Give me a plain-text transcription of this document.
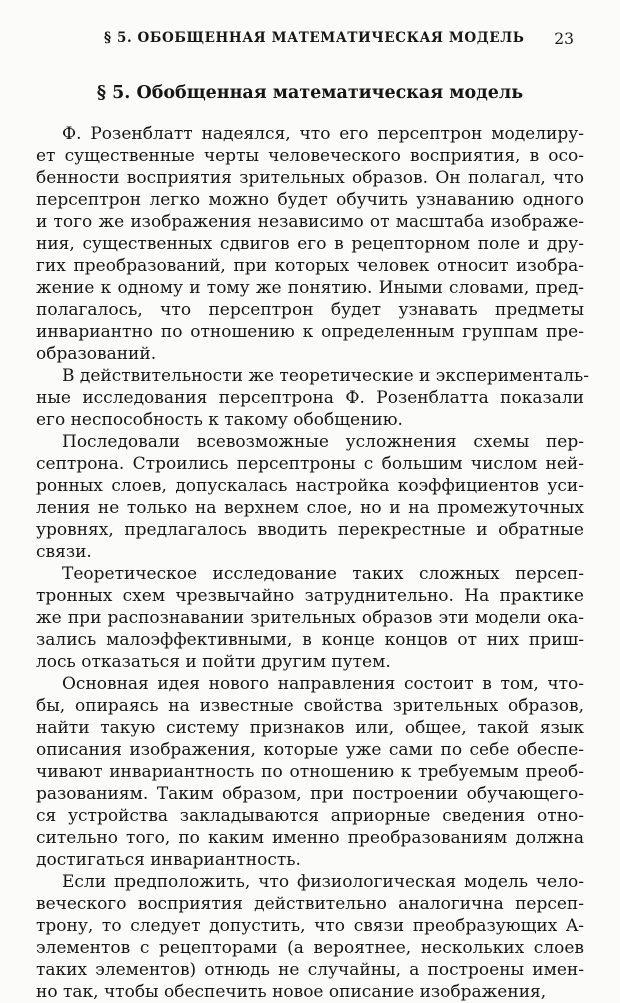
§ 5. ОБОБЩЕННАЯ МАТЕМАТИЧЕСКАЯ МОДЕЛЬ 23
§ 5. Обобщенная математическая модель
Ф. Розенблатт надеялся, что его персептрон моделиру-
ет существенные черты человеческого восприятия, в осо-
бенности восприятия зрительных образов. Он полагал, что
персептрон легко можно будет обучить узнаванию одного
и того же изображения независимо от масштаба изображе-
ния, существенных сдвигов его в рецепторном поле и дру-
гих преобразований, при которых человек относит изобра-
жение к одному и тому же понятию. Иными словами, пред-
полагалось, что персептрон будет узнавать предметы
инвариантно по отношению к определенным группам пре-
образований.
В действительности же теоретические и эксперименталь-
ные исследования персептрона Ф. Розенблатта показали
его неспособность к такому обобщению.
Последовали всевозможные усложнения схемы пер-
септрона. Строились персептроны с большим числом ней-
ронных слоев, допускалась настройка коэффициентов уси-
ления не только на верхнем слое, но и на промежуточных
уровнях, предлагалось вводить перекрестные и обратные
связи.
Теоретическое исследование таких сложных персеп-
тронных схем чрезвычайно затруднительно. На практике
же при распознавании зрительных образов эти модели ока-
зались малоэффективными, в конце концов от них приш-
лось отказаться и пойти другим путем.
Основная идея нового направления состоит в том, что-
бы, опираясь на известные свойства зрительных образов,
найти такую систему признаков или, общее, такой язык
описания изображения, которые уже сами по себе обеспе-
чивают инвариантность по отношению к требуемым преоб-
разованиям. Таким образом, при построении обучающего-
ся устройства закладываются априорные сведения отно-
сительно того, по каким именно преобразованиям должна
достигаться инвариантность.
Если предположить, что физиологическая модель чело-
веческого восприятия действительно аналогична персеп-
трону, то следует допустить, что связи преобразующих A-
элементов с рецепторами (а вероятнее, нескольких слоев
таких элементов) отнюдь не случайны, а построены имен-
но так, чтобы обеспечить новое описание изображения,
